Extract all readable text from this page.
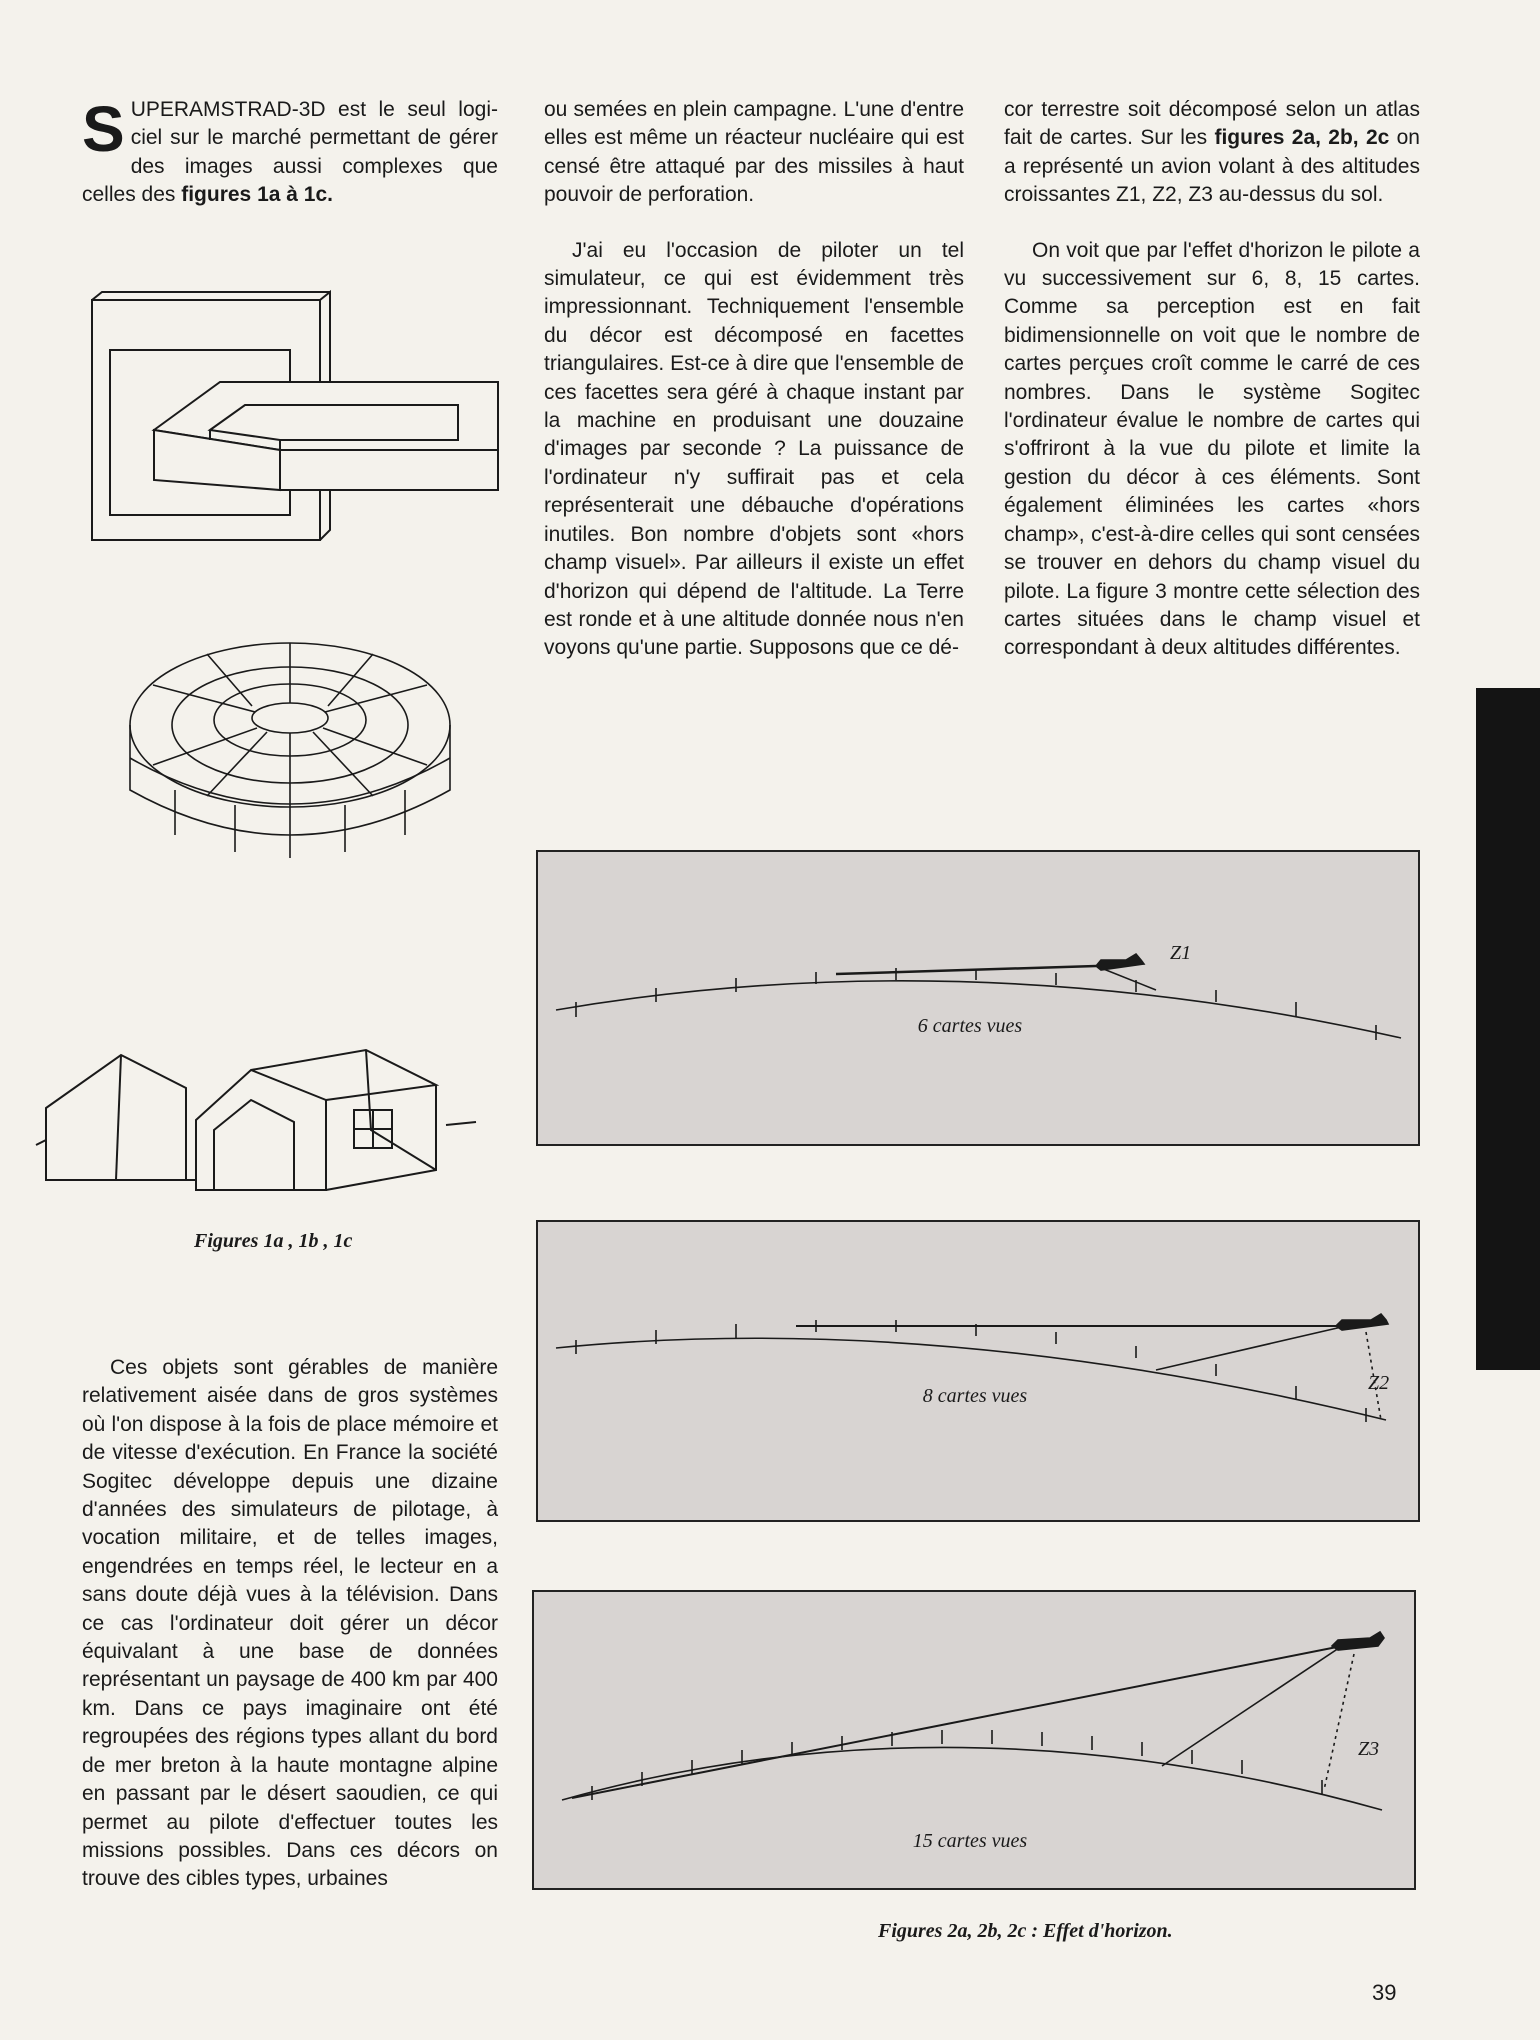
SUPERAMSTRAD-3D est le seul logi-ciel sur le marché permettant de gérer des images aussi complexes que celles des figures 1a à 1c.

Figures 1a , 1b , 1c

Ces objets sont gérables de manière relativement aisée dans de gros systèmes où l'on dispose à la fois de place mémoire et de vitesse d'exécution. En France la société Sogitec développe depuis une dizaine d'années des simulateurs de pilotage, à vocation militaire, et de telles images, engendrées en temps réel, le lecteur en a sans doute déjà vues à la télévision. Dans ce cas l'ordinateur doit gérer un décor équivalant à une base de données représentant un paysage de 400 km par 400 km. Dans ce pays imaginaire ont été regroupées des régions types allant du bord de mer breton à la haute montagne alpine en passant par le désert saoudien, ce qui permet au pilote d'effectuer toutes les missions possibles. Dans ces décors on trouve des cibles types, urbaines

ou semées en plein campagne. L'une d'entre elles est même un réacteur nucléaire qui est censé être attaqué par des missiles à haut pouvoir de perforation.

J'ai eu l'occasion de piloter un tel simulateur, ce qui est évidemment très impressionnant. Techniquement l'ensemble du décor est décomposé en facettes triangulaires. Est-ce à dire que l'ensemble de ces facettes sera géré à chaque instant par la machine en produisant une douzaine d'images par seconde ? La puissance de l'ordinateur n'y suffirait pas et cela représenterait une débauche d'opérations inutiles. Bon nombre d'objets sont «hors champ visuel». Par ailleurs il existe un effet d'horizon qui dépend de l'altitude. La Terre est ronde et à une altitude donnée nous n'en voyons qu'une partie. Supposons que ce dé-

cor terrestre soit décomposé selon un atlas fait de cartes. Sur les figures 2a, 2b, 2c on a représenté un avion volant à des altitudes croissantes Z1, Z2, Z3 au-dessus du sol.

On voit que par l'effet d'horizon le pilote a vu successivement sur 6, 8, 15 cartes. Comme sa perception est en fait bidimensionnelle on voit que le nombre de cartes perçues croît comme le carré de ces nombres. Dans le système Sogitec l'ordinateur évalue le nombre de cartes qui s'offriront à la vue du pilote et limite la gestion du décor à ces éléments. Sont également éliminées les cartes «hors champ», c'est-à-dire celles qui sont censées se trouver en dehors du champ visuel du pilote. La figure 3 montre cette sélection des cartes situées dans le champ visuel et correspondant à deux altitudes différentes.

Z1
6 cartes vues
Z2
8 cartes vues
Z3
15 cartes vues
Figures 2a, 2b, 2c : Effet d'horizon.
39
